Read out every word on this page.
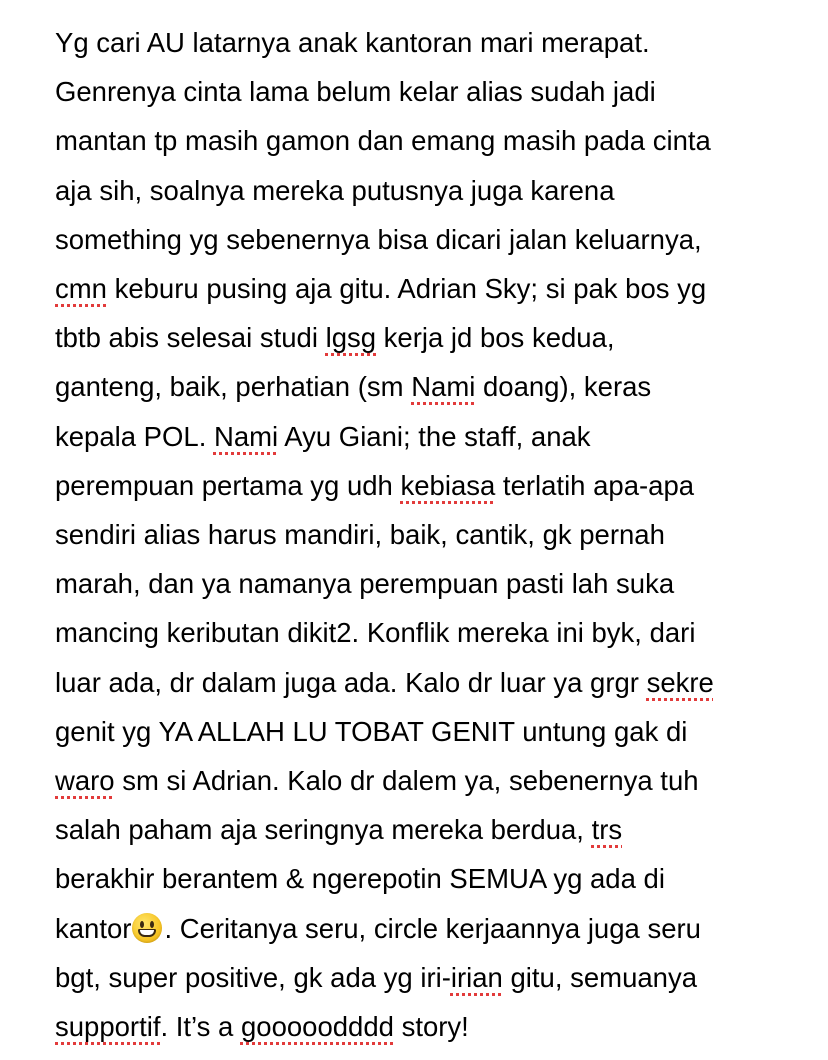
Yg cari AU latarnya anak kantoran mari merapat.
Genrenya cinta lama belum kelar alias sudah jadi
mantan tp masih gamon dan emang masih pada cinta
aja sih, soalnya mereka putusnya juga karena
something yg sebenernya bisa dicari jalan keluarnya,
cmn keburu pusing aja gitu. Adrian Sky; si pak bos yg
tbtb abis selesai studi lgsg kerja jd bos kedua,
ganteng, baik, perhatian (sm Nami doang), keras
kepala POL. Nami Ayu Giani; the staff, anak
perempuan pertama yg udh kebiasa terlatih apa-apa
sendiri alias harus mandiri, baik, cantik, gk pernah
marah, dan ya namanya perempuan pasti lah suka
mancing keributan dikit2. Konflik mereka ini byk, dari
luar ada, dr dalam juga ada. Kalo dr luar ya grgr sekre
genit yg YA ALLAH LU TOBAT GENIT untung gak di
waro sm si Adrian. Kalo dr dalem ya, sebenernya tuh
salah paham aja seringnya mereka berdua, trs
berakhir berantem & ngerepotin SEMUA yg ada di
kantor . Ceritanya seru, circle kerjaannya juga seru
bgt, super positive, gk ada yg iri-irian gitu, semuanya
supportif. It’s a gooooodddd story!
